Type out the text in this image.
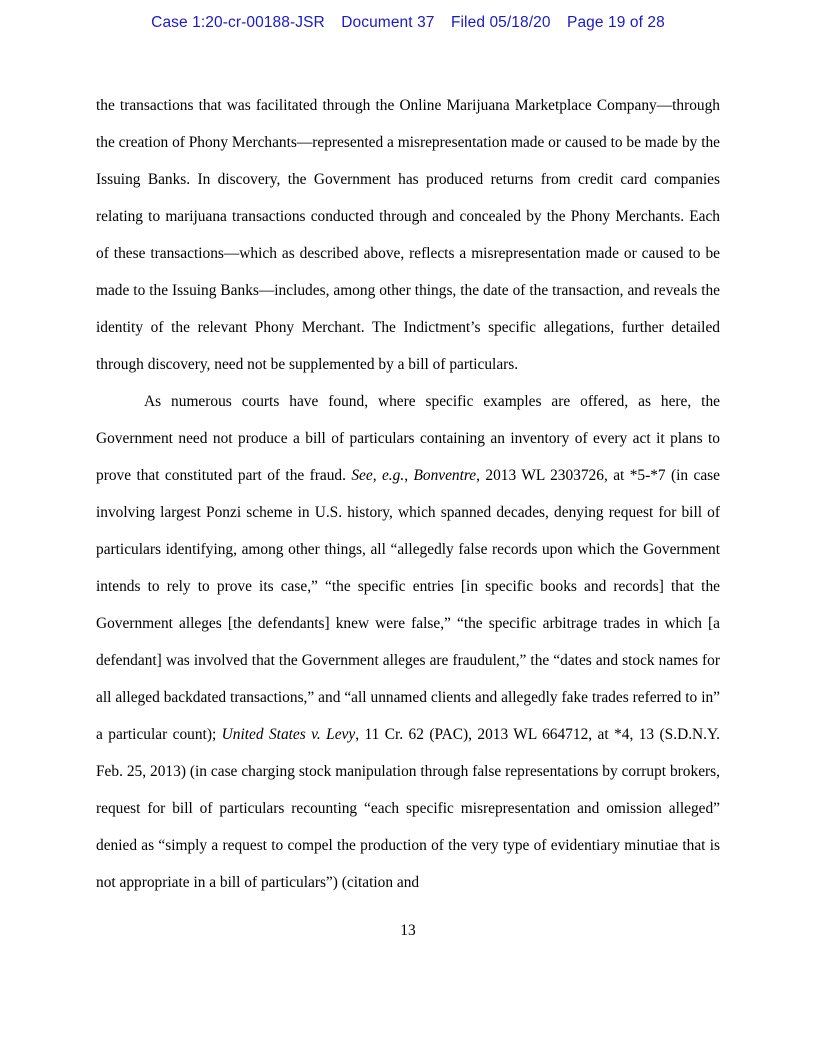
Case 1:20-cr-00188-JSR Document 37 Filed 05/18/20 Page 19 of 28

the transactions that was facilitated through the Online Marijuana Marketplace Company—through the creation of Phony Merchants—represented a misrepresentation made or caused to be made by the Issuing Banks. In discovery, the Government has produced returns from credit card companies relating to marijuana transactions conducted through and concealed by the Phony Merchants. Each of these transactions—which as described above, reflects a misrepresentation made or caused to be made to the Issuing Banks—includes, among other things, the date of the transaction, and reveals the identity of the relevant Phony Merchant. The Indictment’s specific allegations, further detailed through discovery, need not be supplemented by a bill of particulars.

As numerous courts have found, where specific examples are offered, as here, the Government need not produce a bill of particulars containing an inventory of every act it plans to prove that constituted part of the fraud. See, e.g., Bonventre, 2013 WL 2303726, at *5-*7 (in case involving largest Ponzi scheme in U.S. history, which spanned decades, denying request for bill of particulars identifying, among other things, all “allegedly false records upon which the Government intends to rely to prove its case,” “the specific entries [in specific books and records] that the Government alleges [the defendants] knew were false,” “the specific arbitrage trades in which [a defendant] was involved that the Government alleges are fraudulent,” the “dates and stock names for all alleged backdated transactions,” and “all unnamed clients and allegedly fake trades referred to in” a particular count); United States v. Levy, 11 Cr. 62 (PAC), 2013 WL 664712, at *4, 13 (S.D.N.Y. Feb. 25, 2013) (in case charging stock manipulation through false representations by corrupt brokers, request for bill of particulars recounting “each specific misrepresentation and omission alleged” denied as “simply a request to compel the production of the very type of evidentiary minutiae that is not appropriate in a bill of particulars”) (citation and

13
